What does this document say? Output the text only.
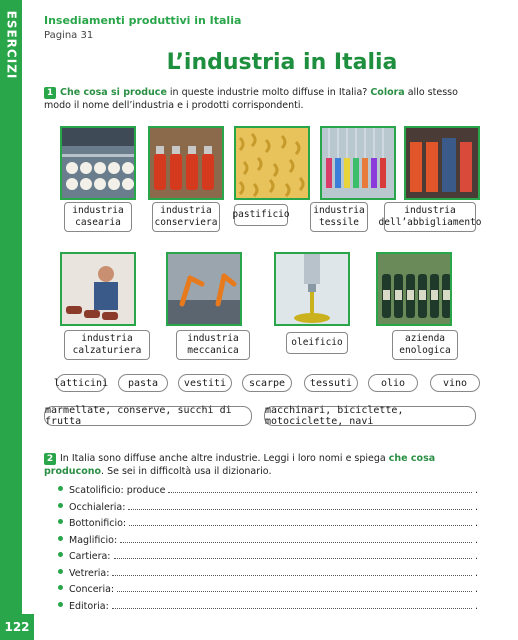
ESERCIZI
122
Insediamenti produttivi in Italia
Pagina 31
L’industria in Italia
1 Che cosa si produce in queste industrie molto diffuse in Italia? Colora allo stesso modo il nome dell’industria e i prodotti corrispondenti.
industria
casearia
industria
conserviera
pastificio industria
tessile
industria
dell’abbigliamento
industria
calzaturiera
industria
meccanica
oleificio	azienda
enologica
latticini	pasta	vestiti	scarpe	tessuti	olio	vino
marmellate, conserve, succhi di frutta
macchinari, biciclette, motociclette, navi
2 In Italia sono diffuse anche altre industrie. Leggi i loro nomi e spiega che cosa producono. Se sei in difficoltà usa il dizionario.
Scatolificio: produce	.
Occhialeria:	.
Bottonificio:	.
Maglificio:	.
Cartiera:	.
Vetreria:	.
Conceria:	.
Editoria:	.
